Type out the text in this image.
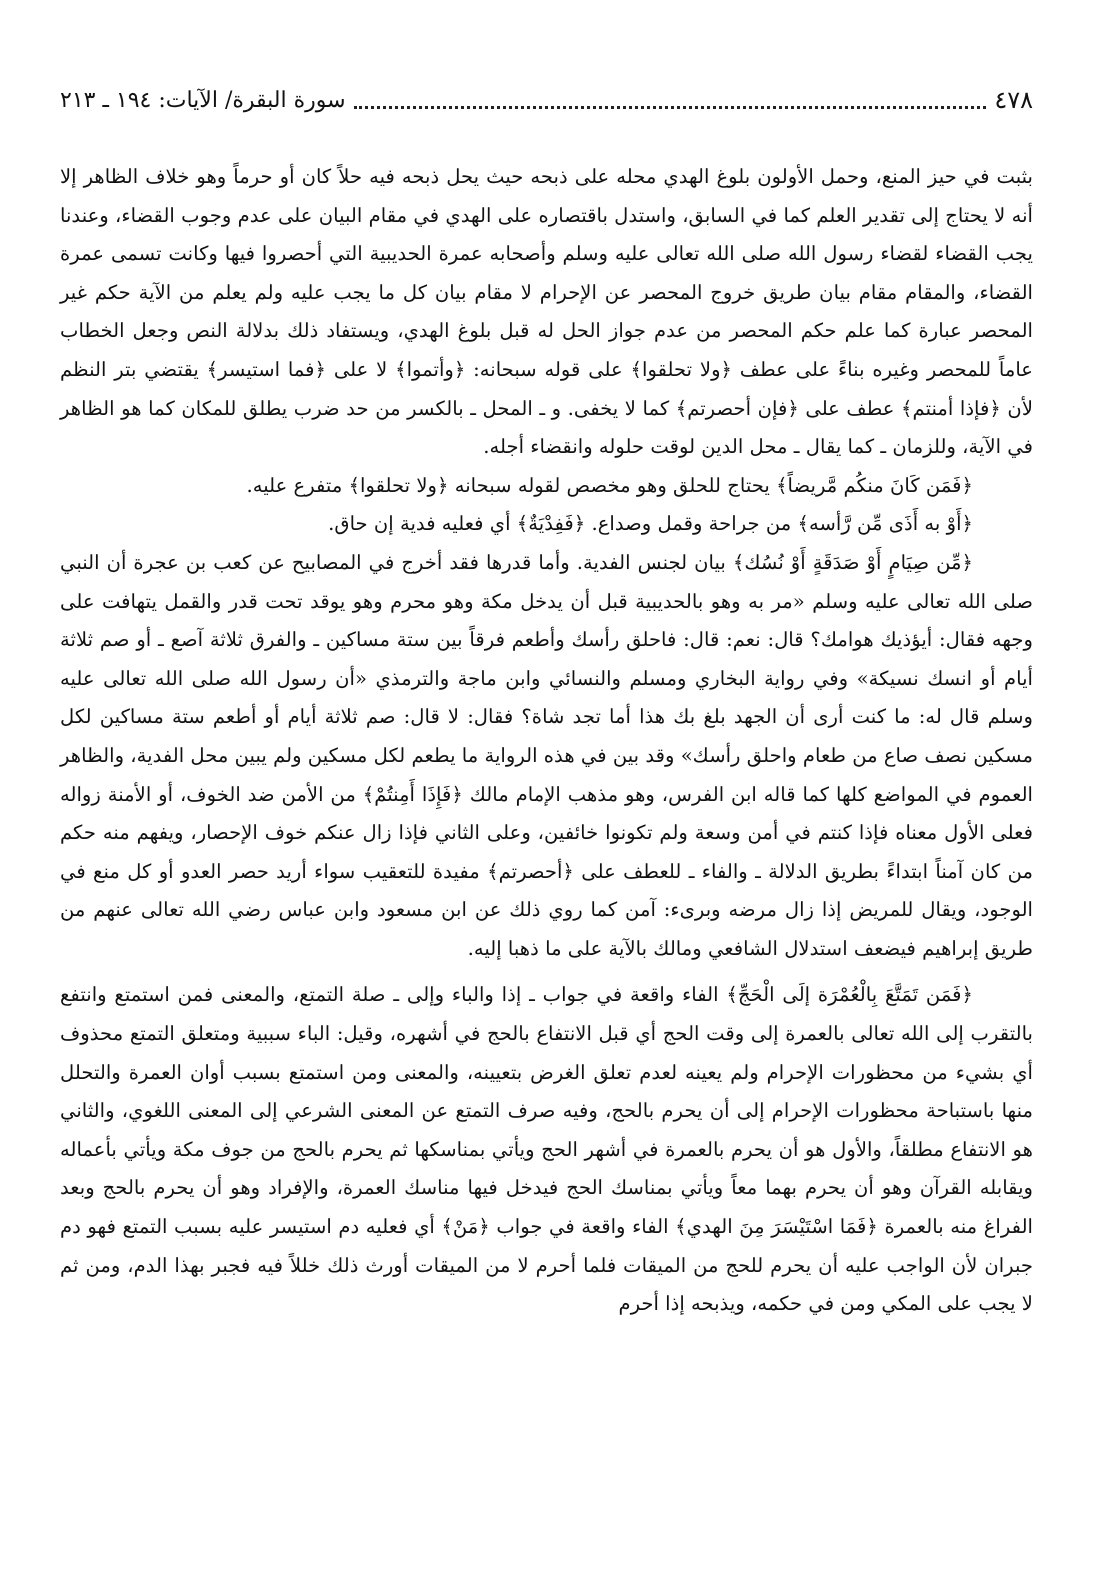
٤٧٨
سورة البقرة/ الآيات: ١٩٤ ـ ٢١٣

بثبت في حيز المنع، وحمل الأولون بلوغ الهدي محله على ذبحه حيث يحل ذبحه فيه حلاً كان أو حرماً وهو خلاف الظاهر إلا أنه لا يحتاج إلى تقدير العلم كما في السابق، واستدل باقتصاره على الهدي في مقام البيان على عدم وجوب القضاء، وعندنا يجب القضاء لقضاء رسول الله صلى الله تعالى عليه وسلم وأصحابه عمرة الحديبية التي أحصروا فيها وكانت تسمى عمرة القضاء، والمقام مقام بيان طريق خروج المحصر عن الإحرام لا مقام بيان كل ما يجب عليه ولم يعلم من الآية حكم غير المحصر عبارة كما علم حكم المحصر من عدم جواز الحل له قبل بلوغ الهدي، ويستفاد ذلك بدلالة النص وجعل الخطاب عاماً للمحصر وغيره بناءً على عطف ﴿ولا تحلقوا﴾ على قوله سبحانه: ﴿وأتموا﴾ لا على ﴿فما استيسر﴾ يقتضي بتر النظم لأن ﴿فإذا أمنتم﴾ عطف على ﴿فإن أحصرتم﴾ كما لا يخفى. و ـ المحل ـ بالكسر من حد ضرب يطلق للمكان كما هو الظاهر في الآية، وللزمان ـ كما يقال ـ محل الدين لوقت حلوله وانقضاء أجله.

﴿فَمَن كَانَ منكُم مَّريضاً﴾ يحتاج للحلق وهو مخصص لقوله سبحانه ﴿ولا تحلقوا﴾ متفرع عليه.

﴿أَوْ به أَذَى مِّن رَّأسه﴾ من جراحة وقمل وصداع. ﴿فَفِدْيَةٌ﴾ أي فعليه فدية إن حاق.

﴿مِّن صِيَامٍ أَوْ صَدَقَةٍ أَوْ نُسُك﴾ بيان لجنس الفدية. وأما قدرها فقد أخرج في المصابيح عن كعب بن عجرة أن النبي صلى الله تعالى عليه وسلم «مر به وهو بالحديبية قبل أن يدخل مكة وهو محرم وهو يوقد تحت قدر والقمل يتهافت على وجهه فقال: أيؤذيك هوامك؟ قال: نعم: قال: فاحلق رأسك وأطعم فرقاً بين ستة مساكين ـ والفرق ثلاثة آصع ـ أو صم ثلاثة أيام أو انسك نسيكة» وفي رواية البخاري ومسلم والنسائي وابن ماجة والترمذي «أن رسول الله صلى الله تعالى عليه وسلم قال له: ما كنت أرى أن الجهد بلغ بك هذا أما تجد شاة؟ فقال: لا قال: صم ثلاثة أيام أو أطعم ستة مساكين لكل مسكين نصف صاع من طعام واحلق رأسك» وقد بين في هذه الرواية ما يطعم لكل مسكين ولم يبين محل الفدية، والظاهر العموم في المواضع كلها كما قاله ابن الفرس، وهو مذهب الإمام مالك ﴿فَإِذَا أَمِنتُمْ﴾ من الأمن ضد الخوف، أو الأمنة زواله فعلى الأول معناه فإذا كنتم في أمن وسعة ولم تكونوا خائفين، وعلى الثاني فإذا زال عنكم خوف الإحصار، ويفهم منه حكم من كان آمناً ابتداءً بطريق الدلالة ـ والفاء ـ للعطف على ﴿أحصرتم﴾ مفيدة للتعقيب سواء أريد حصر العدو أو كل منع في الوجود، ويقال للمريض إذا زال مرضه وبرىء: آمن كما روي ذلك عن ابن مسعود وابن عباس رضي الله تعالى عنهم من طريق إبراهيم فيضعف استدلال الشافعي ومالك بالآية على ما ذهبا إليه.

﴿فَمَن تَمَتَّعَ بِالْعُمْرَة إلَى الْحَجِّ﴾ الفاء واقعة في جواب ـ إذا والباء وإلى ـ صلة التمتع، والمعنى فمن استمتع وانتفع بالتقرب إلى الله تعالى بالعمرة إلى وقت الحج أي قبل الانتفاع بالحج في أشهره، وقيل: الباء سببية ومتعلق التمتع محذوف أي بشيء من محظورات الإحرام ولم يعينه لعدم تعلق الغرض بتعيينه، والمعنى ومن استمتع بسبب أوان العمرة والتحلل منها باستباحة محظورات الإحرام إلى أن يحرم بالحج، وفيه صرف التمتع عن المعنى الشرعي إلى المعنى اللغوي، والثاني هو الانتفاع مطلقاً، والأول هو أن يحرم بالعمرة في أشهر الحج ويأتي بمناسكها ثم يحرم بالحج من جوف مكة ويأتي بأعماله ويقابله القرآن وهو أن يحرم بهما معاً ويأتي بمناسك الحج فيدخل فيها مناسك العمرة، والإفراد وهو أن يحرم بالحج وبعد الفراغ منه بالعمرة ﴿فَمَا اسْتَيْسَرَ مِنَ الهدي﴾ الفاء واقعة في جواب ﴿مَنْ﴾ أي فعليه دم استيسر عليه بسبب التمتع فهو دم جبران لأن الواجب عليه أن يحرم للحج من الميقات فلما أحرم لا من الميقات أورث ذلك خللاً فيه فجبر بهذا الدم، ومن ثم لا يجب على المكي ومن في حكمه، ويذبحه إذا أحرم
